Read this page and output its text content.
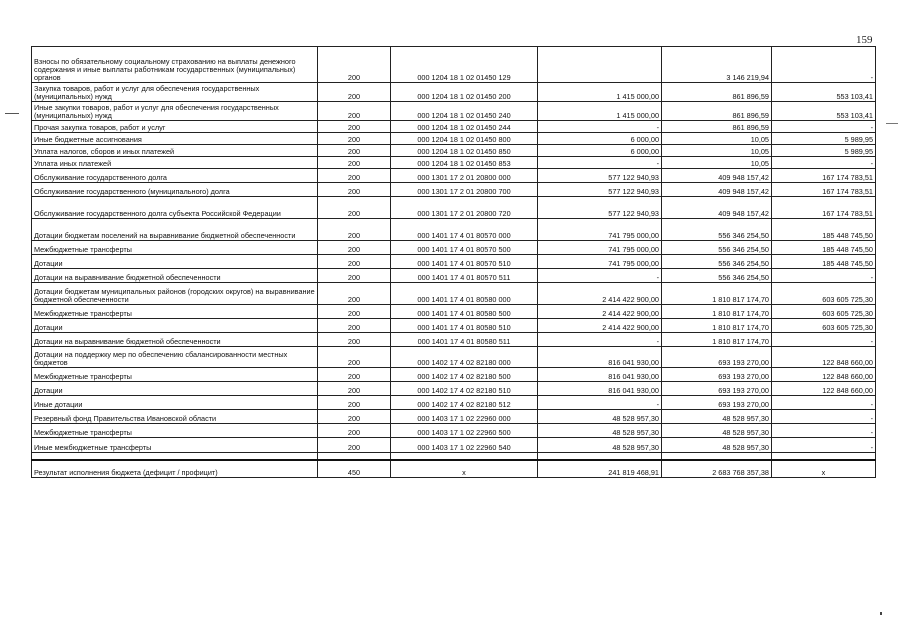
159
Взносы по обязательному социальному страхованию на выплаты денежного содержания и иные выплаты работникам государственных (муниципальных) органов	200	000 1204 18 1 02 01450 129		3 146 219,94	-
Закупка товаров, работ и услуг для обеспечения государственных (муниципальных) нужд	200	000 1204 18 1 02 01450 200	1 415 000,00	861 896,59	553 103,41
Иные закупки товаров, работ и услуг для обеспечения государственных (муниципальных) нужд	200	000 1204 18 1 02 01450 240	1 415 000,00	861 896,59	553 103,41
Прочая закупка товаров, работ и услуг	200	000 1204 18 1 02 01450 244	-	861 896,59	-
Иные бюджетные ассигнования	200	000 1204 18 1 02 01450 800	6 000,00	10,05	5 989,95
Уплата налогов, сборов и иных платежей	200	000 1204 18 1 02 01450 850	6 000,00	10,05	5 989,95
Уплата иных платежей	200	000 1204 18 1 02 01450 853	-	10,05	-
Обслуживание государственного долга	200	000 1301 17 2 01 20800 000	577 122 940,93	409 948 157,42	167 174 783,51
Обслуживание государственного (муниципального) долга	200	000 1301 17 2 01 20800 700	577 122 940,93	409 948 157,42	167 174 783,51
Обслуживание государственного долга субъекта Российской Федерации	200	000 1301 17 2 01 20800 720	577 122 940,93	409 948 157,42	167 174 783,51
Дотации бюджетам поселений на выравнивание бюджетной обеспеченности	200	000 1401 17 4 01 80570 000	741 795 000,00	556 346 254,50	185 448 745,50
Межбюджетные трансферты	200	000 1401 17 4 01 80570 500	741 795 000,00	556 346 254,50	185 448 745,50
Дотации	200	000 1401 17 4 01 80570 510	741 795 000,00	556 346 254,50	185 448 745,50
Дотации на выравнивание бюджетной обеспеченности	200	000 1401 17 4 01 80570 511	-	556 346 254,50	-
Дотации бюджетам муниципальных районов (городских округов) на выравнивание бюджетной обеспеченности	200	000 1401 17 4 01 80580 000	2 414 422 900,00	1 810 817 174,70	603 605 725,30
Межбюджетные трансферты	200	000 1401 17 4 01 80580 500	2 414 422 900,00	1 810 817 174,70	603 605 725,30
Дотации	200	000 1401 17 4 01 80580 510	2 414 422 900,00	1 810 817 174,70	603 605 725,30
Дотации на выравнивание бюджетной обеспеченности	200	000 1401 17 4 01 80580 511	-	1 810 817 174,70	-
Дотации на поддержку мер по обеспечению сбалансированности местных бюджетов	200	000 1402 17 4 02 82180 000	816 041 930,00	693 193 270,00	122 848 660,00
Межбюджетные трансферты	200	000 1402 17 4 02 82180 500	816 041 930,00	693 193 270,00	122 848 660,00
Дотации	200	000 1402 17 4 02 82180 510	816 041 930,00	693 193 270,00	122 848 660,00
Иные дотации	200	000 1402 17 4 02 82180 512	-	693 193 270,00	-
Резервный фонд Правительства Ивановской области	200	000 1403 17 1 02 22960 000	48 528 957,30	48 528 957,30	-
Межбюджетные трансферты	200	000 1403 17 1 02 22960 500	48 528 957,30	48 528 957,30	-
Иные межбюджетные трансферты	200	000 1403 17 1 02 22960 540	48 528 957,30	48 528 957,30	-

Результат исполнения бюджета (дефицит / профицит)	450	x	241 819 468,91	2 683 768 357,38	x
